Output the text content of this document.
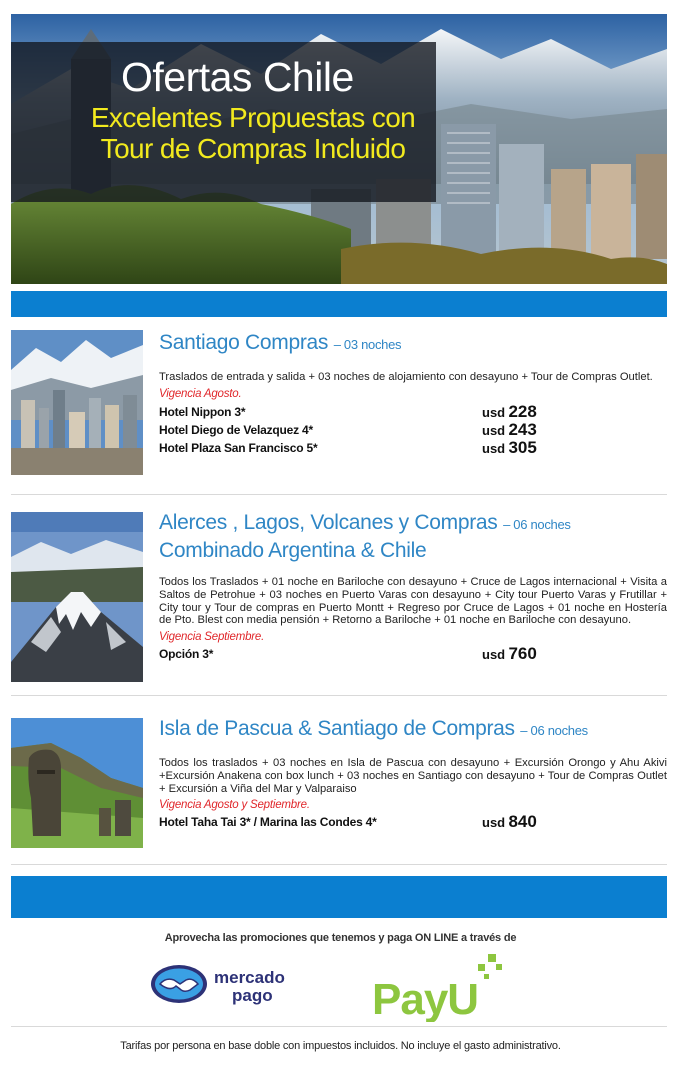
Ofertas Chile
Excelentes Propuestas con
Tour de Compras Incluido
Santiago Compras – 03 noches
Traslados de entrada y salida + 03 noches de alojamiento con desayuno + Tour de Compras Outlet.
Vigencia Agosto.
Hotel Nippon 3*	usd 228
Hotel Diego de Velazquez 4*	usd 243
Hotel Plaza San Francisco 5*	usd 305
Alerces , Lagos, Volcanes y Compras – 06 noches
Combinado Argentina & Chile
Todos los Traslados + 01 noche en Bariloche con desayuno + Cruce de Lagos internacional + Visita a Saltos de Petrohue + 03 noches en Puerto Varas con desayuno + City tour Puerto Varas y Frutillar + City tour y Tour de compras en Puerto Montt + Regreso por Cruce de Lagos + 01 noche en Hostería de Pto. Blest con media pensión + Retorno a Bariloche + 01 noche en Bariloche con desayuno.
Vigencia Septiembre.
Opción 3*	usd 760
Isla de Pascua & Santiago de Compras – 06 noches
Todos los traslados + 03 noches en Isla de Pascua con desayuno + Excursión Orongo y Ahu Akivi +Excursión Anakena con box lunch + 03 noches en Santiago con desayuno + Tour de Compras Outlet + Excursión a Viña del Mar y Valparaiso
Vigencia Agosto y Septiembre.
Hotel Taha Tai 3* / Marina las Condes 4*	usd 840
Aprovecha las promociones que tenemos y paga ON LINE a través de
mercado
pago PayU
Tarifas por persona en base doble con impuestos incluidos. No incluye el gasto administrativo.
